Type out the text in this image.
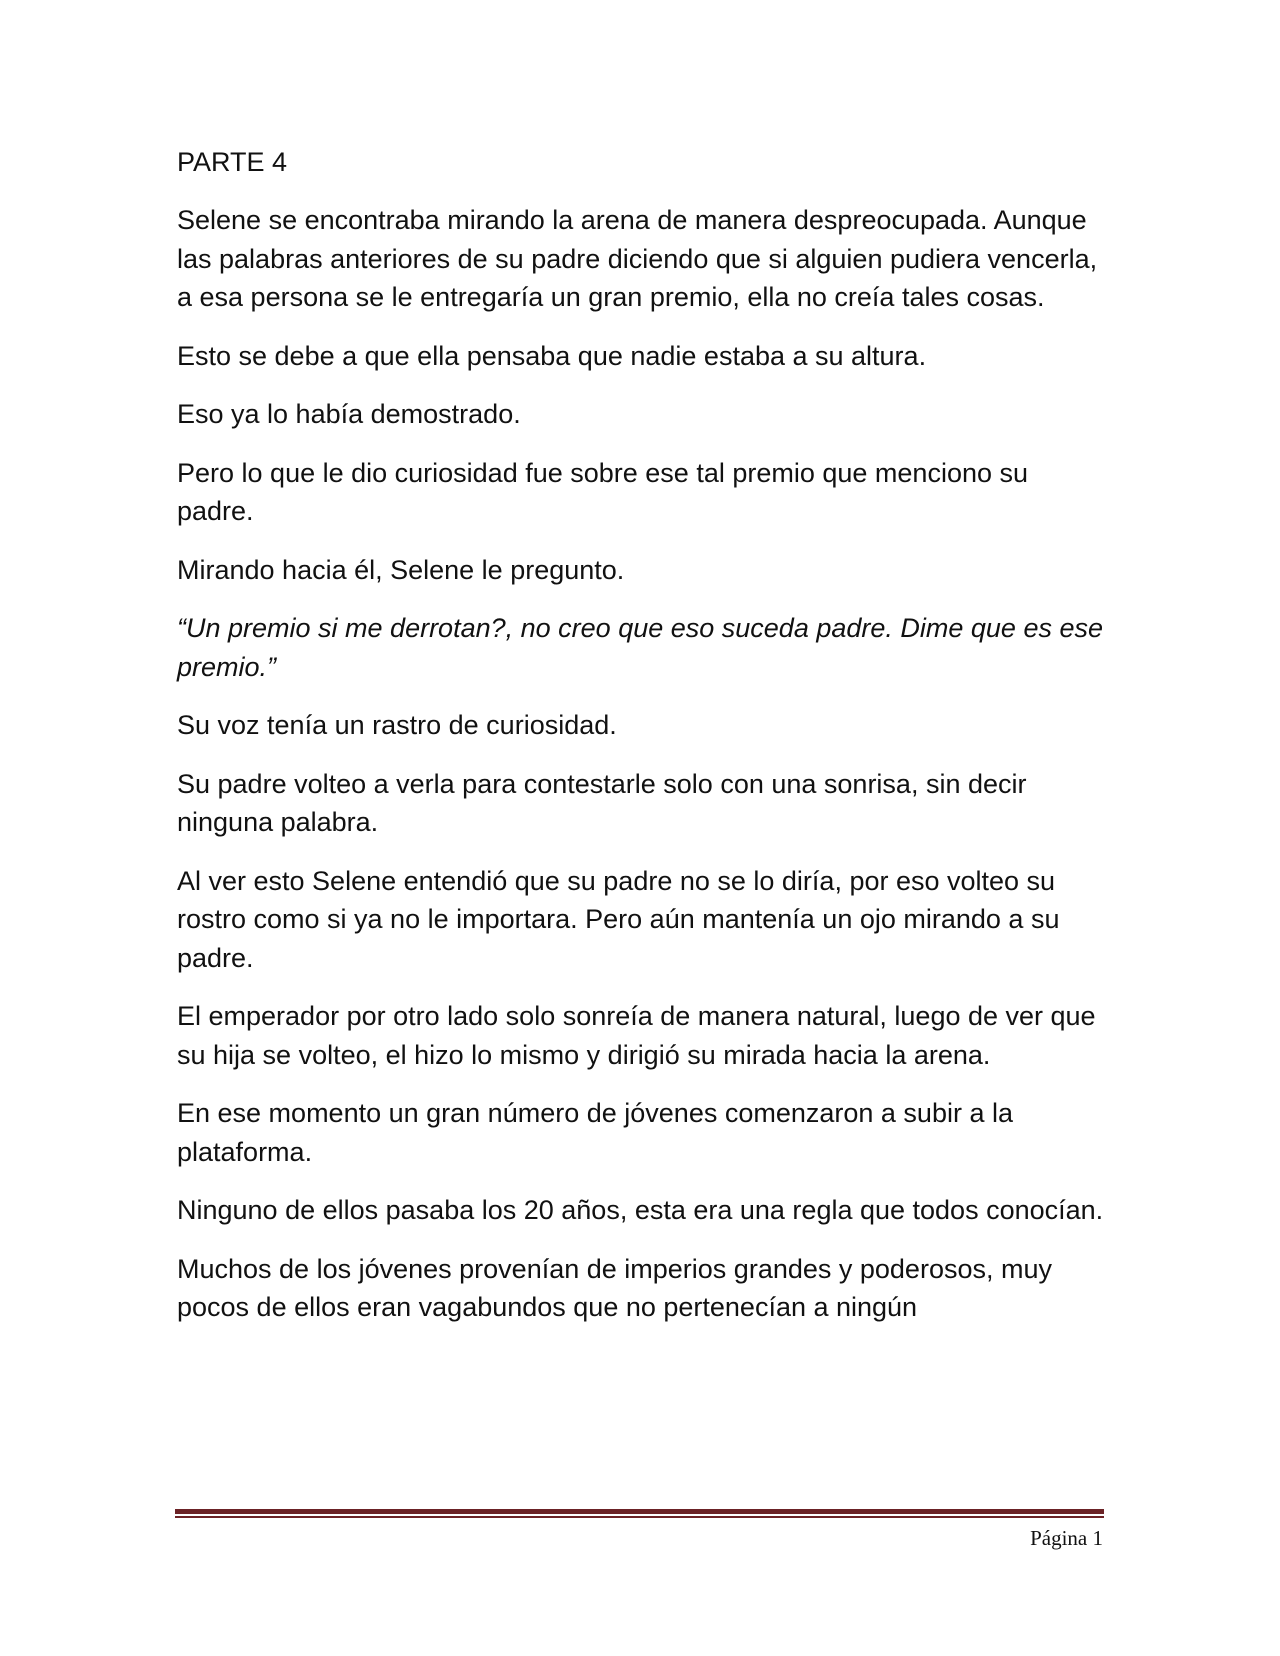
PARTE 4

Selene se encontraba mirando la arena de manera despreocupada. Aunque las palabras anteriores de su padre diciendo que si alguien pudiera vencerla, a esa persona se le entregaría un gran premio, ella no creía tales cosas.

Esto se debe a que ella pensaba que nadie estaba a su altura.

Eso ya lo había demostrado.

Pero lo que le dio curiosidad fue sobre ese tal premio que menciono su padre.

Mirando hacia él, Selene le pregunto.

“Un premio si me derrotan?, no creo que eso suceda padre. Dime que es ese premio.”

Su voz tenía un rastro de curiosidad.

Su padre volteo a verla para contestarle solo con una sonrisa, sin decir ninguna palabra.

Al ver esto Selene entendió que su padre no se lo diría, por eso volteo su rostro como si ya no le importara. Pero aún mantenía un ojo mirando a su padre.

El emperador por otro lado solo sonreía de manera natural, luego de ver que su hija se volteo, el hizo lo mismo y dirigió su mirada hacia la arena.

En ese momento un gran número de jóvenes comenzaron a subir a la plataforma.

Ninguno de ellos pasaba los 20 años, esta era una regla que todos conocían.

Muchos de los jóvenes provenían de imperios grandes y poderosos, muy pocos de ellos eran vagabundos que no pertenecían a ningún

Página 1
